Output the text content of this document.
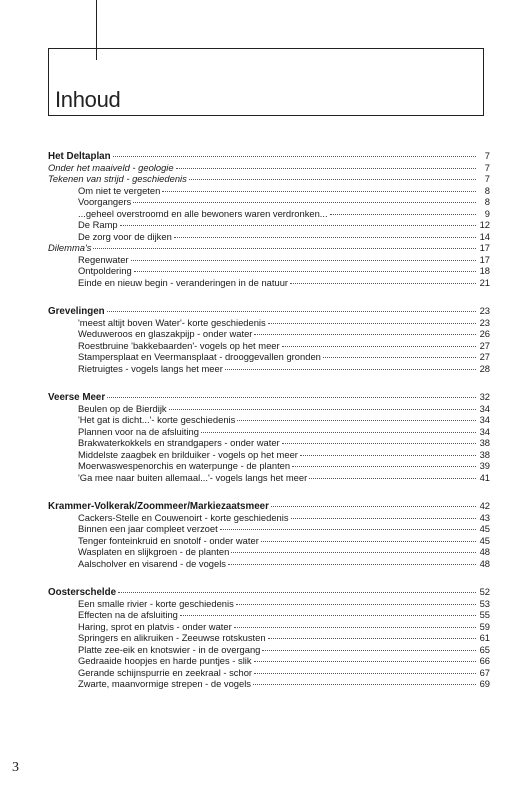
Inhoud
Het Deltaplan	7
Onder het maaiveld - geologie	7
Tekenen van strijd - geschiedenis	7
Om niet te vergeten	8
Voorgangers	8
...geheel overstroomd en alle bewoners waren verdronken...	9
De Ramp	12
De zorg voor de dijken	14
Dilemma's	17
Regenwater	17
Ontpoldering	18
Einde en nieuw begin - veranderingen in de natuur	21
Grevelingen	23
'meest altijt boven Water'- korte geschiedenis	23
Weduweroos en glaszakpijp - onder water	26
Roestbruine 'bakkebaarden'- vogels op het meer	27
Stampersplaat en Veermansplaat - drooggevallen gronden	27
Rietruigtes - vogels langs het meer	28
Veerse Meer	32
Beulen op de Bierdijk	34
'Het gat is dicht...'- korte geschiedenis	34
Plannen voor na de afsluiting	34
Brakwaterkokkels en strandgapers - onder water	38
Middelste zaagbek en brilduiker - vogels op het meer	38
Moerwaswespenorchis en waterpunge - de planten	39
'Ga mee naar buiten allemaal...'- vogels langs het meer	41
Krammer-Volkerak/Zoommeer/Markiezaatsmeer	42
Cackers-Stelle en Couwenoirt - korte geschiedenis	43
Binnen een jaar compleet verzoet	45
Tenger fonteinkruid en snotolf - onder water	45
Wasplaten en slijkgroen - de planten	48
Aalscholver en visarend - de vogels	48
Oosterschelde	52
Een smalle rivier - korte geschiedenis	53
Effecten na de afsluiting	55
Haring, sprot en platvis - onder water	59
Springers en alikruiken - Zeeuwse rotskusten	61
Platte zee-eik en knotswier - in de overgang	65
Gedraaide hoopjes en harde puntjes - slik	66
Gerande schijnspurrie en zeekraal - schor	67
Zwarte, maanvormige strepen - de vogels	69
3
